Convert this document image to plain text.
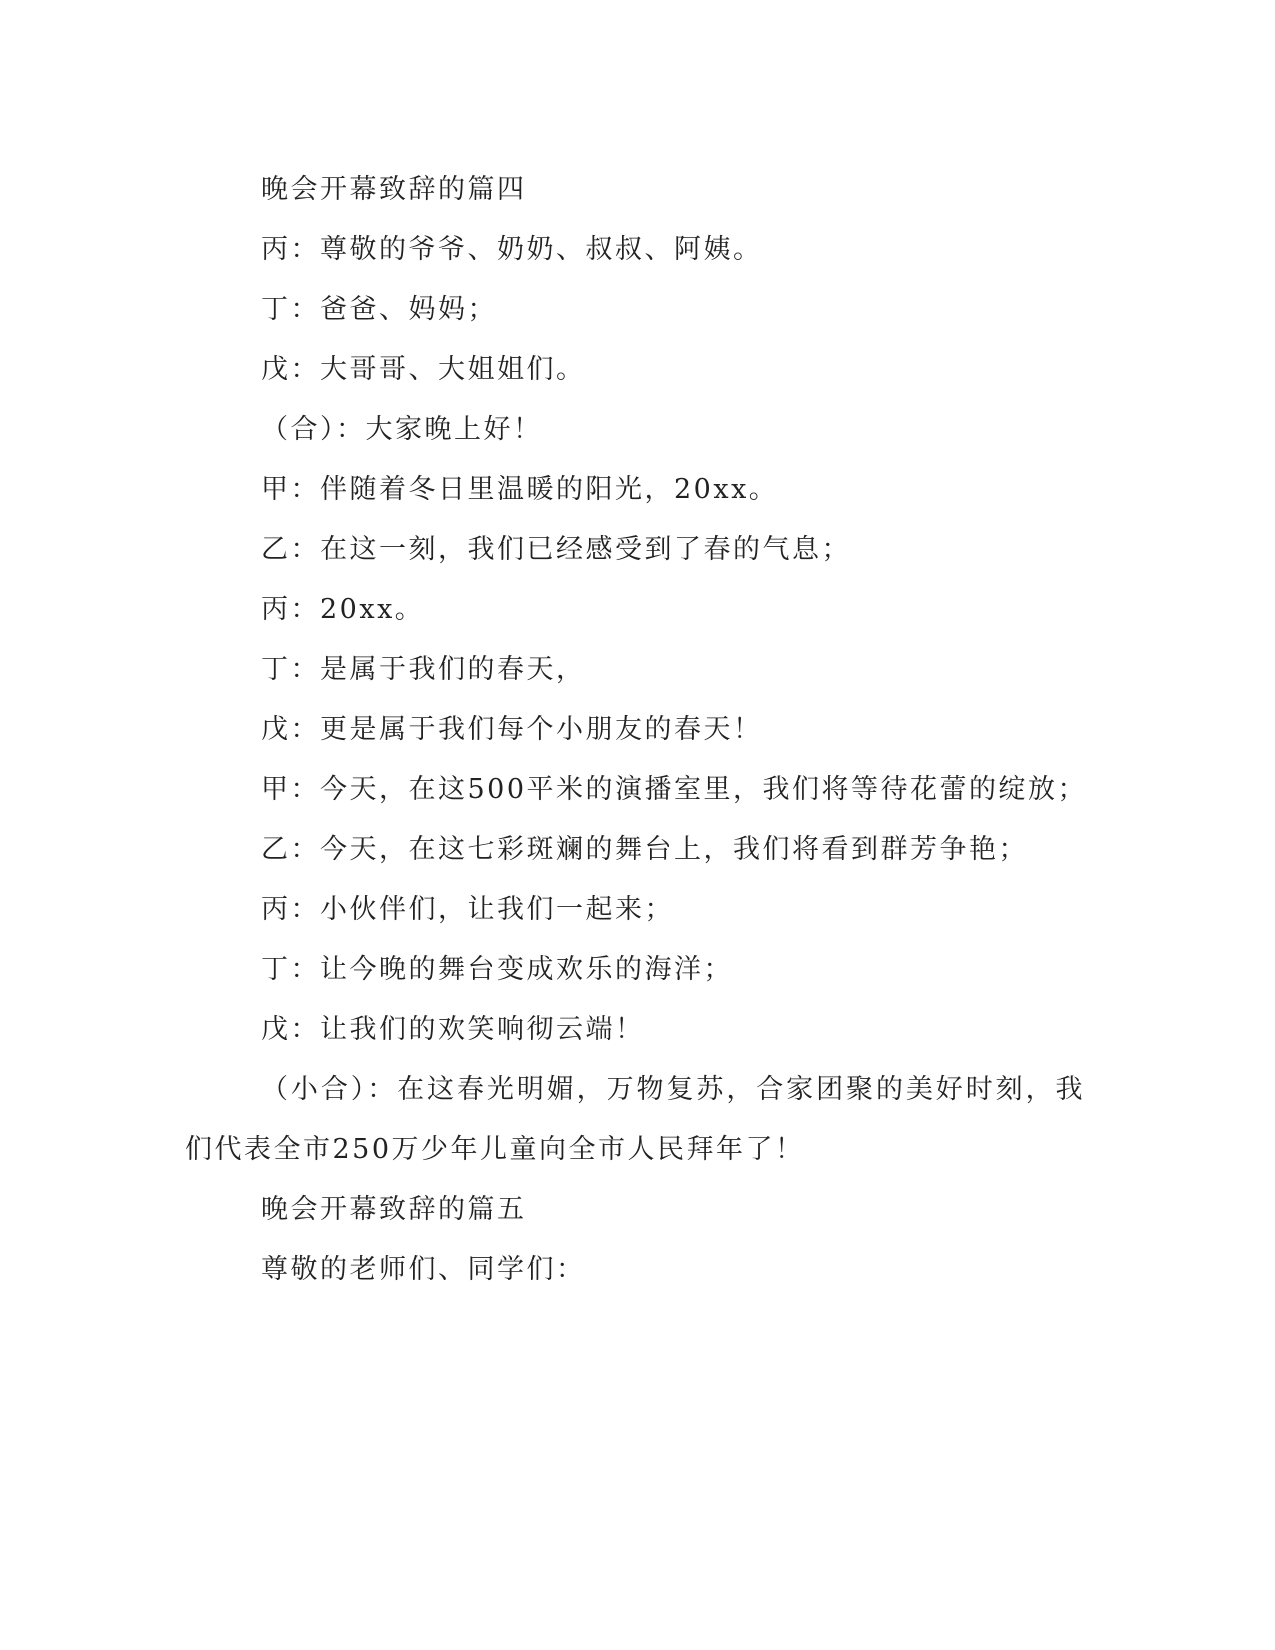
晚会开幕致辞的篇四

丙：尊敬的爷爷、奶奶、叔叔、阿姨。

丁：爸爸、妈妈；

戊：大哥哥、大姐姐们。

（合）：大家晚上好！

甲：伴随着冬日里温暖的阳光，20xx。

乙：在这一刻，我们已经感受到了春的气息；

丙：20xx。

丁：是属于我们的春天，

戊：更是属于我们每个小朋友的春天！

甲：今天，在这500平米的演播室里，我们将等待花蕾的绽放；

乙：今天，在这七彩斑斓的舞台上，我们将看到群芳争艳；

丙：小伙伴们，让我们一起来；

丁：让今晚的舞台变成欢乐的海洋；

戊：让我们的欢笑响彻云端！

（小合）：在这春光明媚，万物复苏，合家团聚的美好时刻，我们代表全市250万少年儿童向全市人民拜年了！

晚会开幕致辞的篇五

尊敬的老师们、同学们：
